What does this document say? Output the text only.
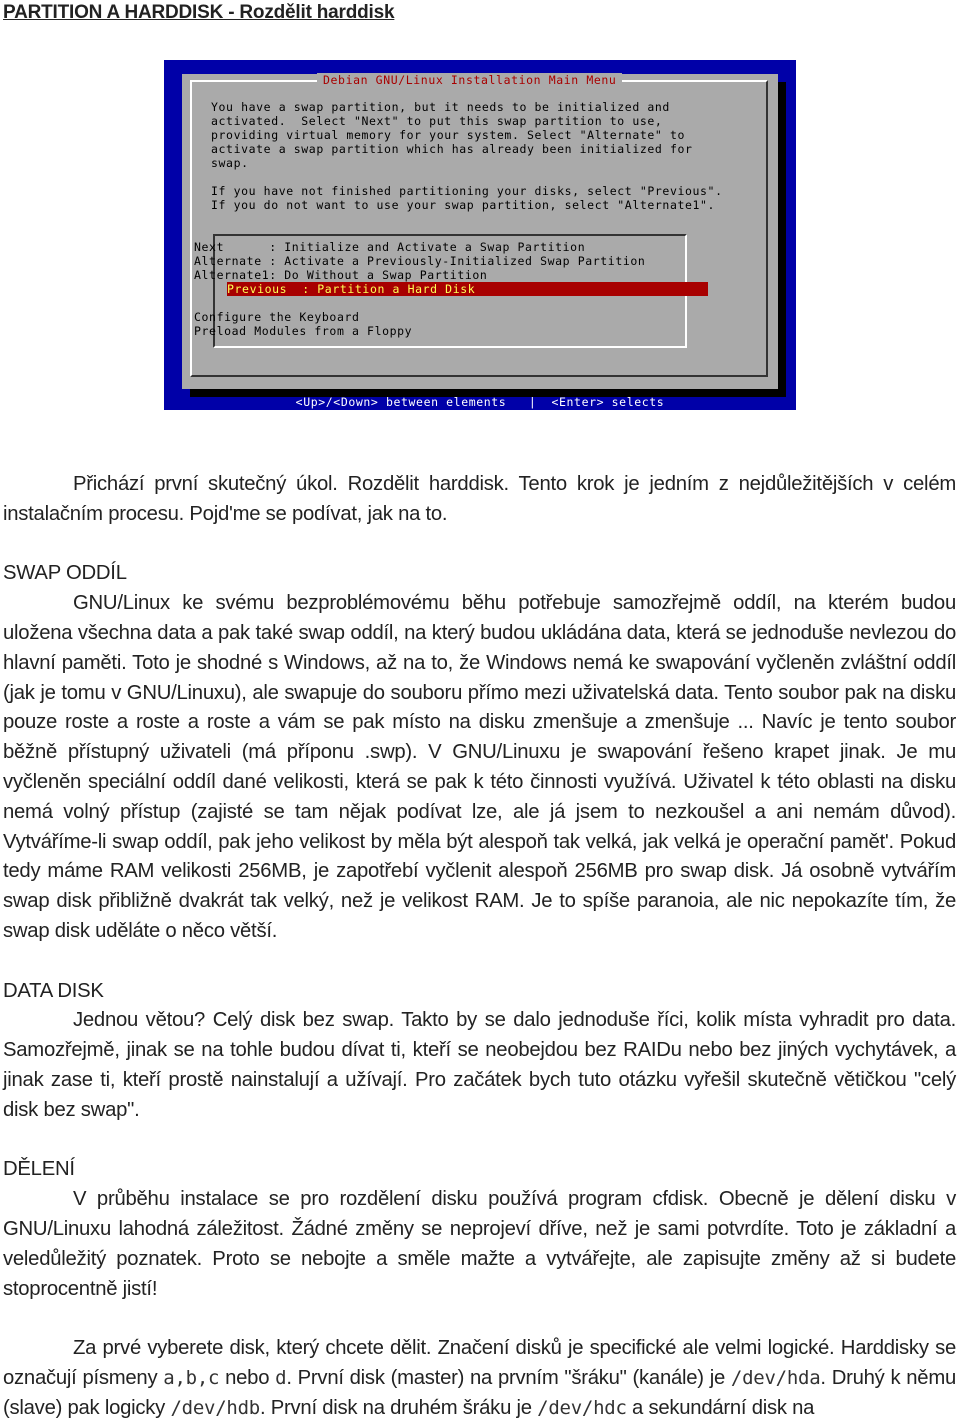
PARTITION A HARDDISK - Rozdělit harddisk
Debian GNU/Linux Installation Main Menu
You have a swap partition, but it needs to be initialized and
activated.  Select "Next" to put this swap partition to use,
providing virtual memory for your system. Select "Alternate" to
activate a swap partition which has already been initialized for
swap.
If you have not finished partitioning your disks, select "Previous".
If you do not want to use your swap partition, select "Alternate1".
Next      : Initialize and Activate a Swap Partition
Alternate : Activate a Previously-Initialized Swap Partition
Alternate1: Do Without a Swap Partition
Previous  : Partition a Hard Disk
Configure the Keyboard
Preload Modules from a Floppy
<Up>/<Down> between elements   |  <Enter> selects

Přichází první skutečný úkol. Rozdělit harddisk. Tento krok je jedním z nejdůležitějších v celém instalačním procesu. Pojd'me se podívat, jak na to.

SWAP ODDÍL

GNU/Linux ke svému bezproblémovému běhu potřebuje samozřejmě oddíl, na kterém budou uložena všechna data a pak také swap oddíl, na který budou ukládána data, která se jednoduše nevlezou do hlavní paměti. Toto je shodné s Windows, až na to, že Windows nemá ke swapování vyčleněn zvláštní oddíl (jak je tomu v GNU/Linuxu), ale swapuje do souboru přímo mezi uživatelská data. Tento soubor pak na disku pouze roste a roste a roste a vám se pak místo na disku zmenšuje a zmenšuje ... Navíc je tento soubor běžně přístupný uživateli (má příponu .swp). V GNU/Linuxu je swapování řešeno krapet jinak. Je mu vyčleněn speciální oddíl dané velikosti, která se pak k této činnosti využívá. Uživatel k této oblasti na disku nemá volný přístup (zajisté se tam nějak podívat lze, ale já jsem to nezkoušel a ani nemám důvod). Vytváříme-li swap oddíl, pak jeho velikost by měla být alespoň tak velká, jak velká je operační pamět'. Pokud tedy máme RAM velikosti 256MB, je zapotřebí vyčlenit alespoň 256MB pro swap disk. Já osobně vytvářím swap disk přibližně dvakrát tak velký, než je velikost RAM. Je to spíše paranoia, ale nic nepokazíte tím, že swap disk uděláte o něco větší.

DATA DISK

Jednou větou? Celý disk bez swap. Takto by se dalo jednoduše říci, kolik místa vyhradit pro data. Samozřejmě, jinak se na tohle budou dívat ti, kteří se neobejdou bez RAIDu nebo bez jiných vychytávek, a jinak zase ti, kteří prostě nainstalují a užívají. Pro začátek bych tuto otázku vyřešil skutečně větičkou "celý disk bez swap".

DĚLENÍ

V průběhu instalace se pro rozdělení disku používá program cfdisk. Obecně je dělení disku v GNU/Linuxu lahodná záležitost. Žádné změny se neprojeví dříve, než je sami potvrdíte. Toto je základní a veledůležitý poznatek. Proto se nebojte a směle mažte a vytvářejte, ale zapisujte změny až si budete stoprocentně jistí!

Za prvé vyberete disk, který chcete dělit. Značení disků je specifické ale velmi logické. Harddisky se označují písmeny a,b,c nebo d. První disk (master) na prvním "šráku" (kanále) je /dev/hda. Druhý k němu (slave) pak logicky /dev/hdb. První disk na druhém šráku je /dev/hdc a sekundární disk na
